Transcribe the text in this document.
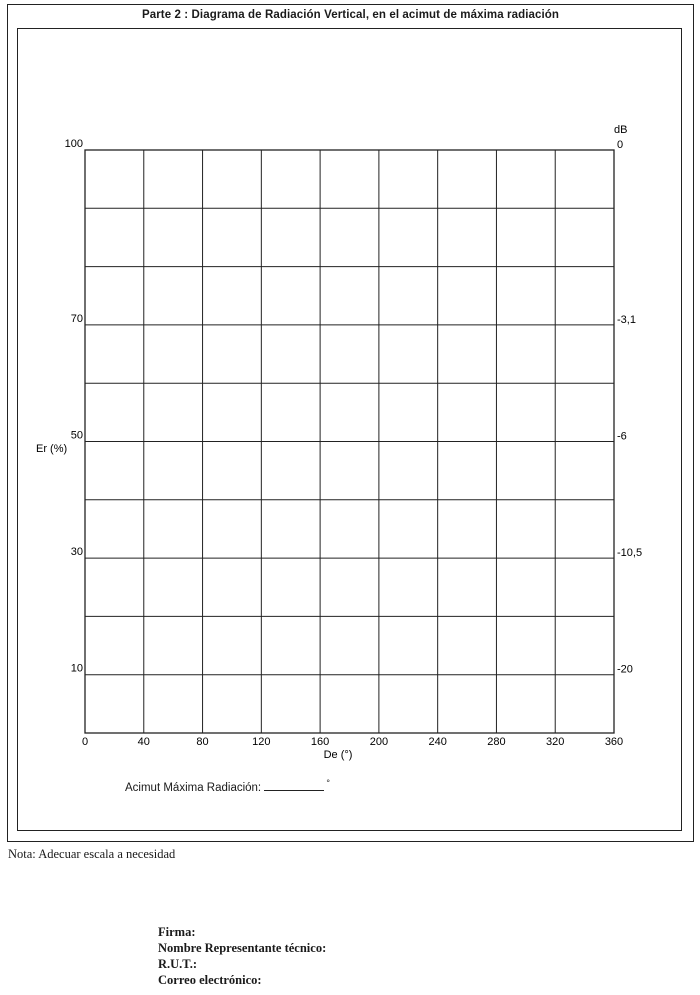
Parte 2 : Diagrama de Radiación Vertical, en el acimut de máxima radiación
0	40	80	120	160	200	240	280	320	360
100
70
50
30
10
0
-3,1
-6
-10,5
-20
De (°)
Er (%)
dB
Acimut Máxima Radiación:	°
Nota: Adecuar escala a necesidad
Firma:
Nombre Representante técnico:
R.U.T.:
Correo electrónico:
